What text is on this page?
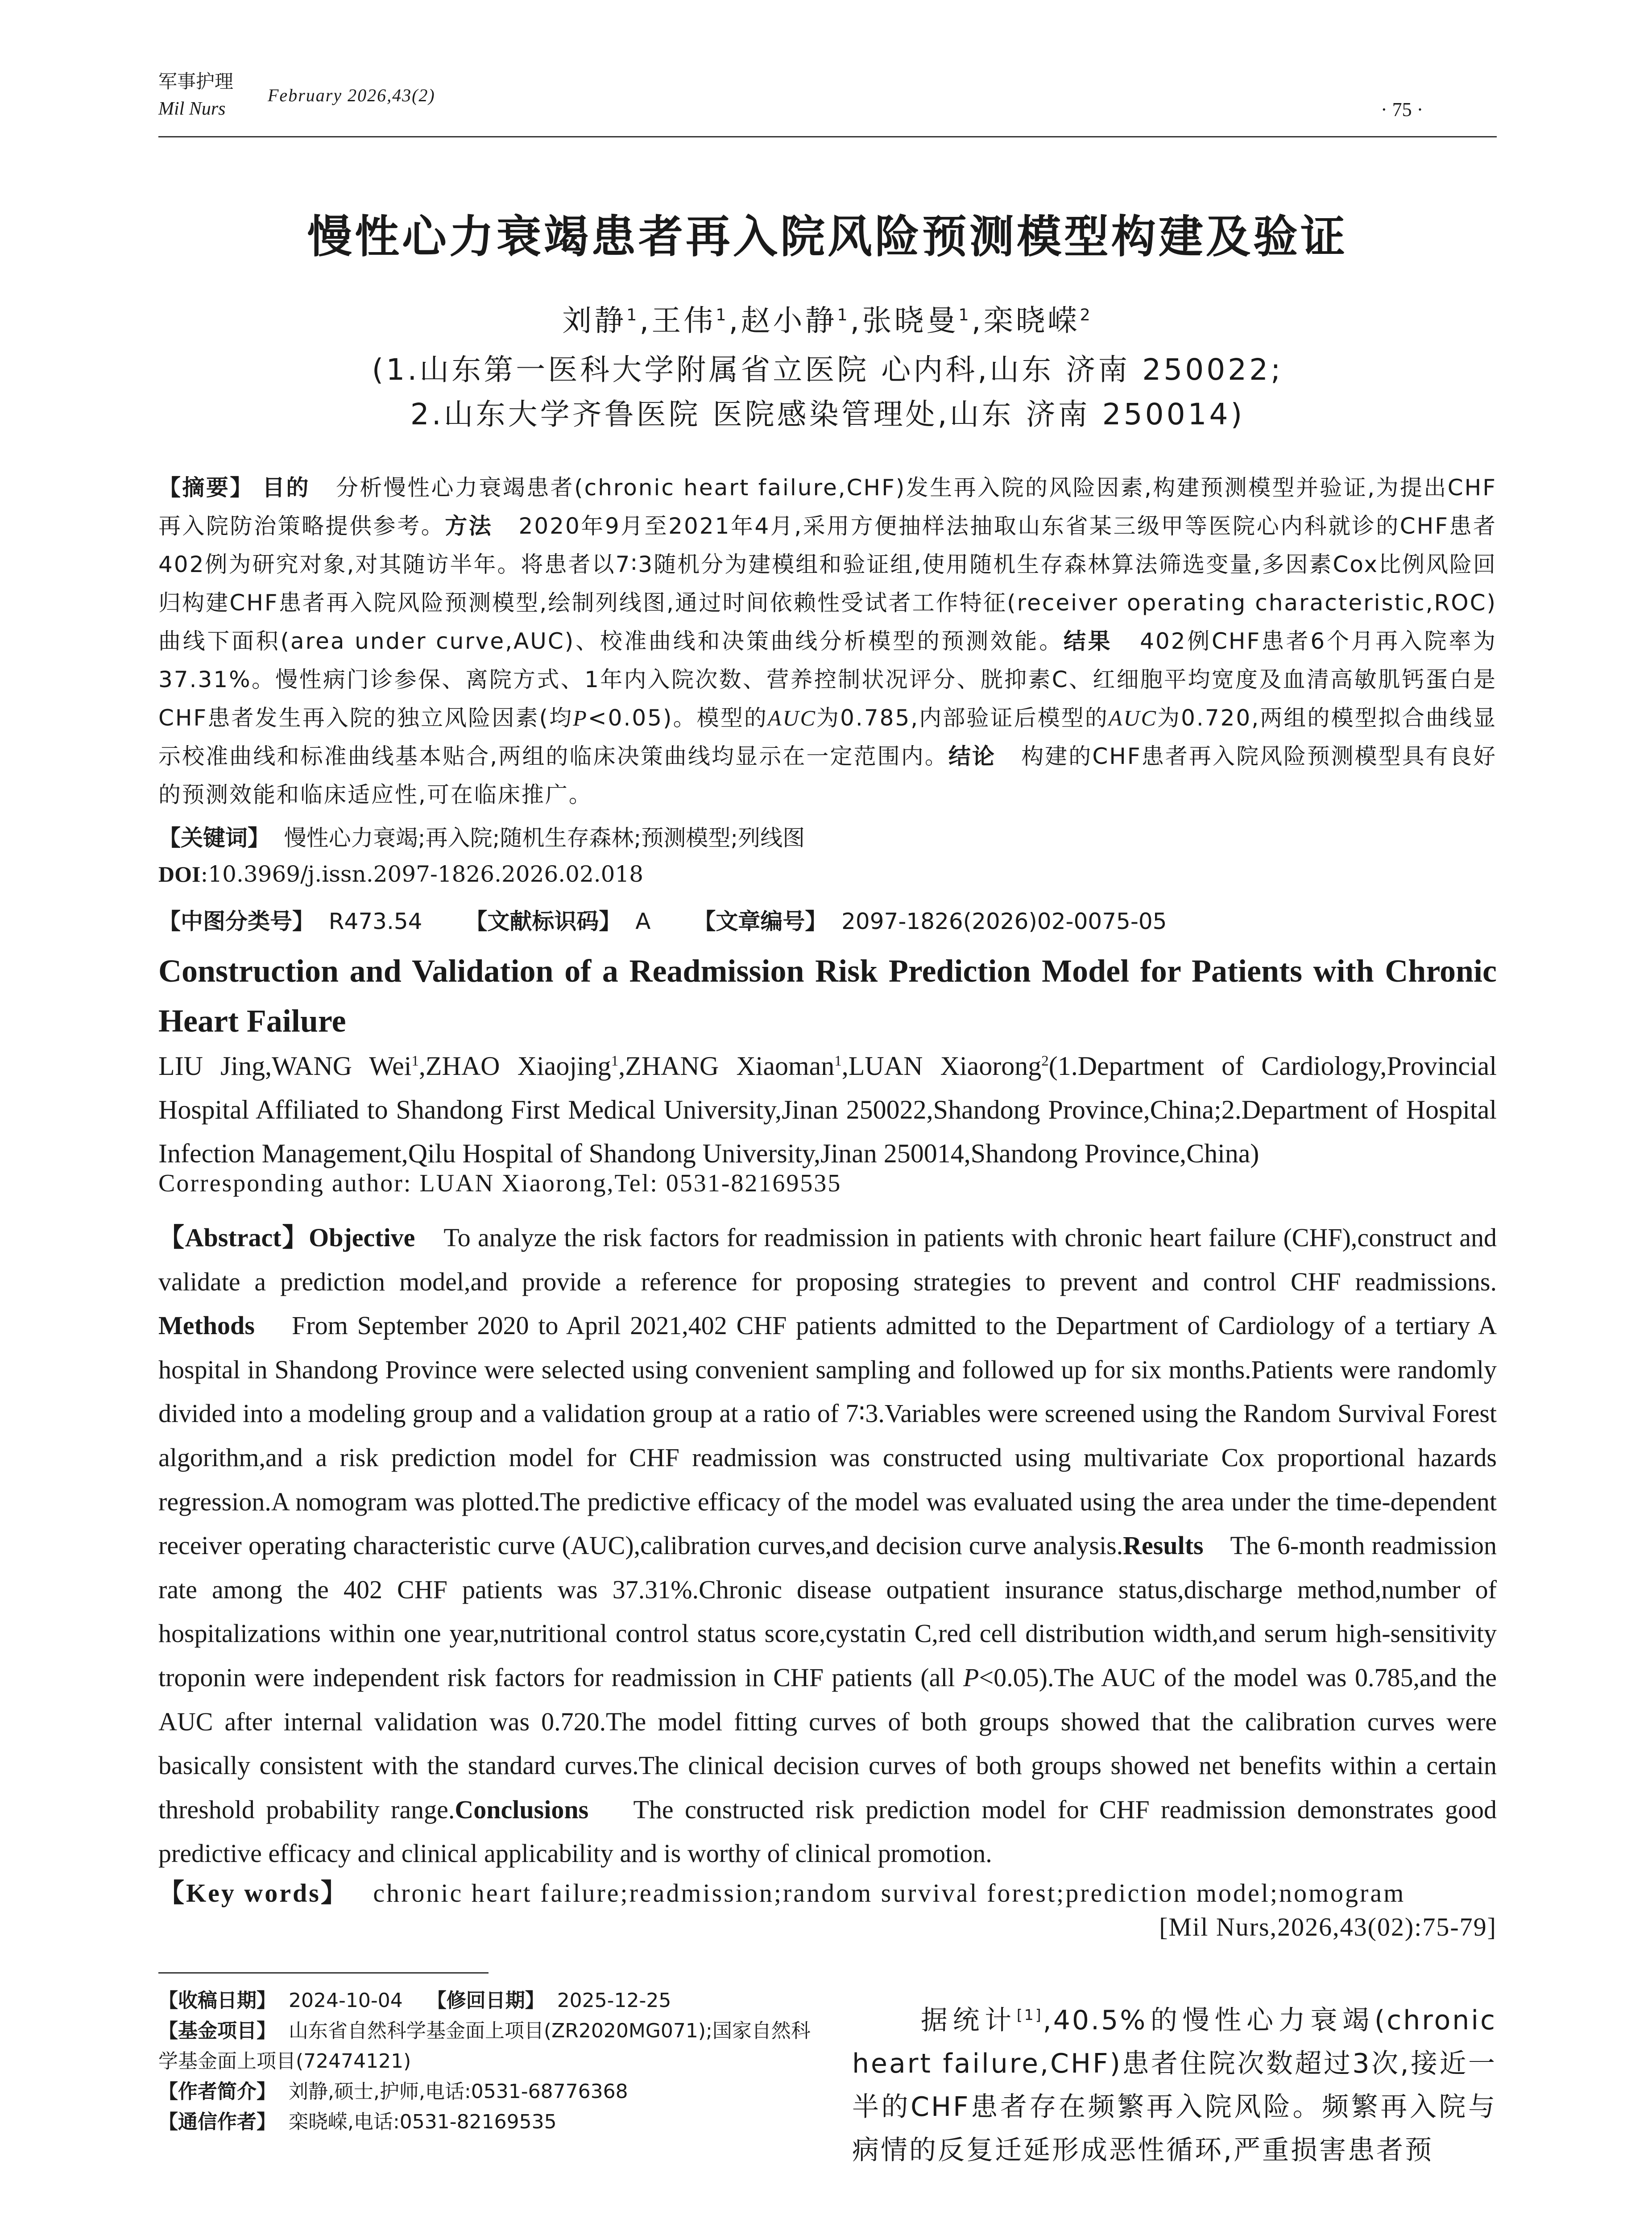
军事护理
Mil Nurs
February 2026,43(2)
· 75 ·
慢性心力衰竭患者再入院风险预测模型构建及验证
刘静$^1$,王伟$^1$,赵小静$^1$,张晓曼$^1$,栾晓嵘$^2$
(1.山东第一医科大学附属省立医院 心内科,山东 济南 250022;
2.山东大学齐鲁医院 医院感染管理处,山东 济南 250014)
【摘要】 目的 分析慢性心力衰竭患者(chronic heart failure,CHF)发生再入院的风险因素,构建预测模型并验证,为提出CHF再入院防治策略提供参考。方法 2020年9月至2021年4月,采用方便抽样法抽取山东省某三级甲等医院心内科就诊的CHF患者402例为研究对象,对其随访半年。将患者以7∶3随机分为建模组和验证组,使用随机生存森林算法筛选变量,多因素Cox比例风险回归构建CHF患者再入院风险预测模型,绘制列线图,通过时间依赖性受试者工作特征(receiver operating characteristic,ROC)曲线下面积(area under curve,AUC)、校准曲线和决策曲线分析模型的预测效能。结果 402例CHF患者6个月再入院率为37.31%。慢性病门诊参保、离院方式、1年内入院次数、营养控制状况评分、胱抑素C、红细胞平均宽度及血清高敏肌钙蛋白是CHF患者发生再入院的独立风险因素(均P<0.05)。模型的AUC为0.785,内部验证后模型的AUC为0.720,两组的模型拟合曲线显示校准曲线和标准曲线基本贴合,两组的临床决策曲线均显示在一定范围内。结论 构建的CHF患者再入院风险预测模型具有良好的预测效能和临床适应性,可在临床推广。
【关键词】 慢性心力衰竭;再入院;随机生存森林;预测模型;列线图
DOI:10.3969/j.issn.2097-1826.2026.02.018
【中图分类号】 R473.54 【文献标识码】 A 【文章编号】 2097-1826(2026)02-0075-05
Construction and Validation of a Readmission Risk Prediction Model for Patients with Chronic Heart Failure
LIU Jing,WANG Wei$^1$,ZHAO Xiaojing$^1$,ZHANG Xiaoman$^1$,LUAN Xiaorong$^2$(1.Department of Cardiology,Provincial Hospital Affiliated to Shandong First Medical University,Jinan 250022,Shandong Province,China;2.Department of Hospital Infection Management,Qilu Hospital of Shandong University,Jinan 250014,Shandong Province,China)
Corresponding author: LUAN Xiaorong,Tel: 0531-82169535
【Abstract】Objective To analyze the risk factors for readmission in patients with chronic heart failure (CHF),construct and validate a prediction model,and provide a reference for proposing strategies to prevent and control CHF readmissions. Methods From September 2020 to April 2021,402 CHF patients admitted to the Department of Cardiology of a tertiary A hospital in Shandong Province were selected using convenient sampling and followed up for six months.Patients were randomly divided into a modeling group and a validation group at a ratio of 7∶3.Variables were screened using the Random Survival Forest algorithm,and a risk prediction model for CHF readmission was constructed using multivariate Cox proportional hazards regression.A nomogram was plotted.The predictive efficacy of the model was evaluated using the area under the time-dependent receiver operating characteristic curve (AUC),calibration curves,and decision curve analysis.Results The 6-month readmission rate among the 402 CHF patients was 37.31%.Chronic disease outpatient insurance status,discharge method,number of hospitalizations within one year,nutritional control status score,cystatin C,red cell distribution width,and serum high-sensitivity troponin were independent risk factors for readmission in CHF patients (all P<0.05).The AUC of the model was 0.785,and the AUC after internal validation was 0.720.The model fitting curves of both groups showed that the calibration curves were basically consistent with the standard curves.The clinical decision curves of both groups showed net benefits within a certain threshold probability range.Conclusions The constructed risk prediction model for CHF readmission demonstrates good predictive efficacy and clinical applicability and is worthy of clinical promotion.
【Key words】 chronic heart failure;readmission;random survival forest;prediction model;nomogram
[Mil Nurs,2026,43(02):75-79]
【收稿日期】 2024-10-04 【修回日期】 2025-12-25
【基金项目】 山东省自然科学基金面上项目(ZR2020MG071);国家自然科学基金面上项目(72474121)
【作者简介】 刘静,硕士,护师,电话:0531-68776368
【通信作者】 栾晓嵘,电话:0531-82169535
据统计[1],40.5%的慢性心力衰竭(chronic heart failure,CHF)患者住院次数超过3次,接近一半的CHF患者存在频繁再入院风险。频繁再入院与病情的反复迁延形成恶性循环,严重损害患者预
